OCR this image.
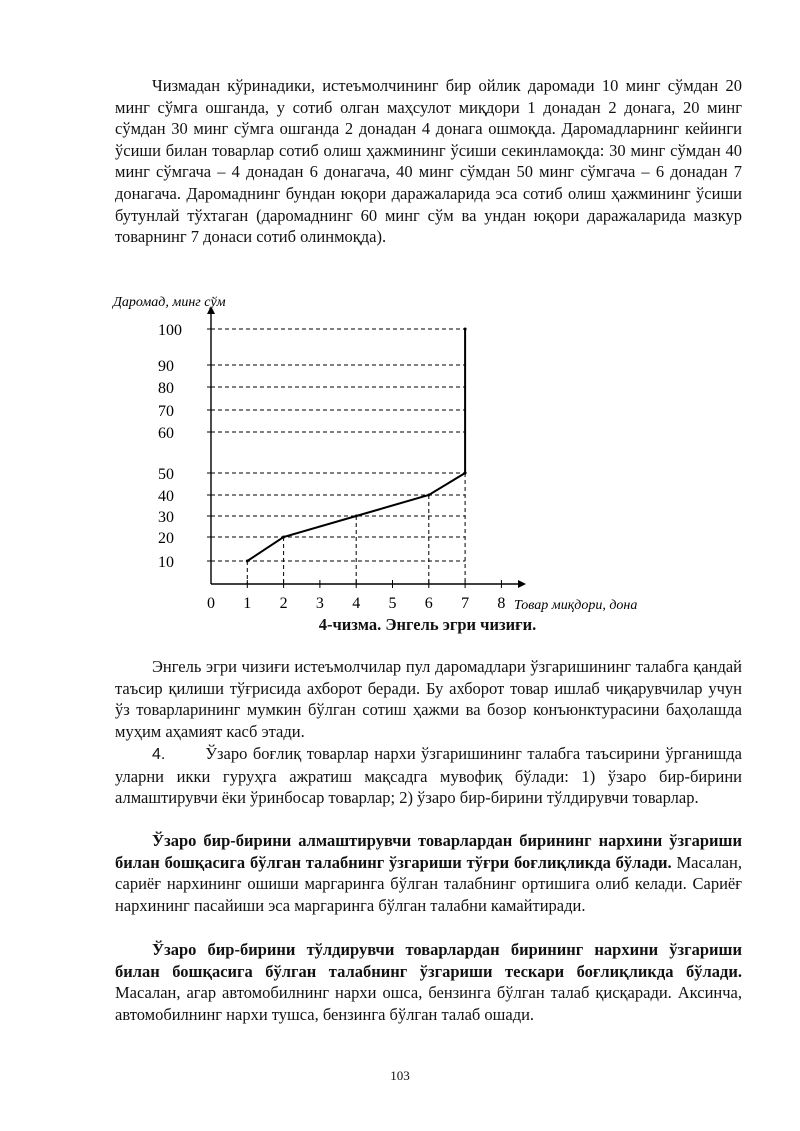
Чизмадан кўринадики, истеъмолчининг бир ойлик даромади 10 минг сўмдан 20 минг сўмга ошганда, у сотиб олган маҳсулот миқдори 1 донадан 2 донага, 20 минг сўмдан 30 минг сўмга ошганда 2 донадан 4 донага ошмоқда. Даромадларнинг кейинги ўсиши билан товарлар сотиб олиш ҳажмининг ўсиши секинламоқда: 30 минг сўмдан 40 минг сўмгача – 4 донадан 6 донагача, 40 минг сўмдан 50 минг сўмгача – 6 донадан 7 донагача. Даромаднинг бундан юқори даражаларида эса сотиб олиш ҳажмининг ўсиши бутунлай тўхтаган (даромаднинг 60 минг сўм ва ундан юқори даражаларида мазкур товарнинг 7 донаси сотиб олинмоқда).

0 1 2 3 4 5 6 7 8
10
20
30
40
50
60
70
80
90
100
Даромад, минг сўм
Товар миқдори, дона
4-чизма. Энгель эгри чизиғи.

Энгель эгри чизиғи истеъмолчилар пул даромадлари ўзгаришининг талабга қандай таъсир қилиши тўғрисида ахборот беради. Бу ахборот товар ишлаб чиқарувчилар учун ўз товарларининг мумкин бўлган сотиш ҳажми ва бозор конъюнктурасини баҳолашда муҳим аҳамият касб этади.

4. Ўзаро боғлиқ товарлар нархи ўзгаришининг талабга таъсирини ўрганишда уларни икки гуруҳга ажратиш мақсадга мувофиқ бўлади: 1) ўзаро бир-бирини алмаштирувчи ёки ўринбосар товарлар; 2) ўзаро бир-бирини тўлдирувчи товарлар.

Ўзаро бир-бирини алмаштирувчи товарлардан бирининг нархини ўзгариши билан бошқасига бўлган талабнинг ўзгариши тўғри боғлиқликда бўлади. Масалан, сариёғ нархининг ошиши маргаринга бўлган талабнинг ортишига олиб келади. Сариёғ нархининг пасайиши эса маргаринга бўлган талабни камайтиради.

Ўзаро бир-бирини тўлдирувчи товарлардан бирининг нархини ўзгариши билан бошқасига бўлган талабнинг ўзгариши тескари боғлиқликда бўлади. Масалан, агар автомобилнинг нархи ошса, бензинга бўлган талаб қисқаради. Аксинча, автомобилнинг нархи тушса, бензинга бўлган талаб ошади.

103
